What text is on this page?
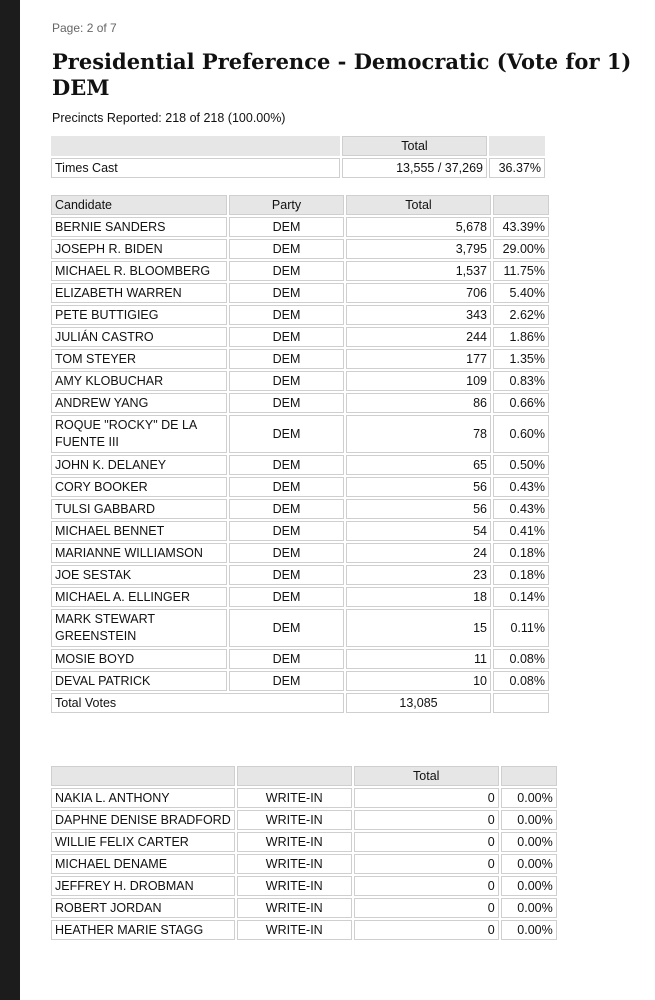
Page: 2 of 7
Presidential Preference - Democratic (Vote for 1) DEM
Precincts Reported: 218 of 218 (100.00%)
	Total	
Times Cast	13,555 / 37,269	36.37%
Candidate	Party	Total	
BERNIE SANDERS	DEM	5,678	43.39%
JOSEPH R. BIDEN	DEM	3,795	29.00%
MICHAEL R. BLOOMBERG	DEM	1,537	11.75%
ELIZABETH WARREN	DEM	706	5.40%
PETE BUTTIGIEG	DEM	343	2.62%
JULIÁN CASTRO	DEM	244	1.86%
TOM STEYER	DEM	177	1.35%
AMY KLOBUCHAR	DEM	109	0.83%
ANDREW YANG	DEM	86	0.66%
ROQUE "ROCKY" DE LA FUENTE III	DEM	78	0.60%
JOHN K. DELANEY	DEM	65	0.50%
CORY BOOKER	DEM	56	0.43%
TULSI GABBARD	DEM	56	0.43%
MICHAEL BENNET	DEM	54	0.41%
MARIANNE WILLIAMSON	DEM	24	0.18%
JOE SESTAK	DEM	23	0.18%
MICHAEL A. ELLINGER	DEM	18	0.14%
MARK STEWART GREENSTEIN	DEM	15	0.11%
MOSIE BOYD	DEM	11	0.08%
DEVAL PATRICK	DEM	10	0.08%
Total Votes		13,085	
		Total	
NAKIA L. ANTHONY	WRITE-IN	0	0.00%
DAPHNE DENISE BRADFORD	WRITE-IN	0	0.00%
WILLIE FELIX CARTER	WRITE-IN	0	0.00%
MICHAEL DENAME	WRITE-IN	0	0.00%
JEFFREY H. DROBMAN	WRITE-IN	0	0.00%
ROBERT JORDAN	WRITE-IN	0	0.00%
HEATHER MARIE STAGG	WRITE-IN	0	0.00%
